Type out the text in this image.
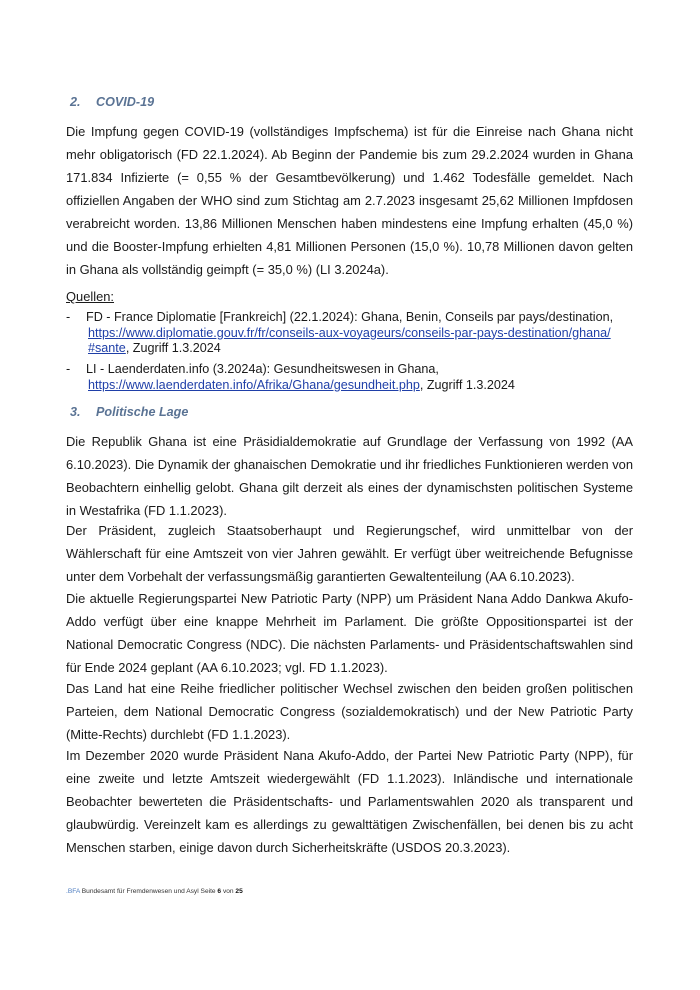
2. COVID-19

Die Impfung gegen COVID-19 (vollständiges Impfschema) ist für die Einreise nach Ghana nicht mehr obligatorisch (FD 22.1.2024). Ab Beginn der Pandemie bis zum 29.2.2024 wurden in Ghana 171.834 Infizierte (= 0,55 % der Gesamtbevölkerung) und 1.462 Todesfälle gemeldet. Nach offiziellen Angaben der WHO sind zum Stichtag am 2.7.2023 insgesamt 25,62 Millionen Impfdosen verabreicht worden. 13,86 Millionen Menschen haben mindestens eine Impfung erhalten (45,0 %) und die Booster-Impfung erhielten 4,81 Millionen Personen (15,0 %). 10,78 Millionen davon gelten in Ghana als vollständig geimpft (= 35,0 %) (LI 3.2024a).

Quellen:

- FD - France Diplomatie [Frankreich] (22.1.2024): Ghana, Benin, Conseils par pays/destination,
https://www.diplomatie.gouv.fr/fr/conseils-aux-voyageurs/conseils-par-pays-destination/ghana/
#sante, Zugriff 1.3.2024
- LI - Laenderdaten.info (3.2024a): Gesundheitswesen in Ghana,
https://www.laenderdaten.info/Afrika/Ghana/gesundheit.php, Zugriff 1.3.2024
3. Politische Lage

Die Republik Ghana ist eine Präsidialdemokratie auf Grundlage der Verfassung von 1992 (AA 6.10.2023). Die Dynamik der ghanaischen Demokratie und ihr friedliches Funktionieren werden von Beobachtern einhellig gelobt. Ghana gilt derzeit als eines der dynamischsten politischen Systeme in Westafrika (FD 1.1.2023).

Der Präsident, zugleich Staatsoberhaupt und Regierungschef, wird unmittelbar von der Wählerschaft für eine Amtszeit von vier Jahren gewählt. Er verfügt über weitreichende Befugnisse unter dem Vorbehalt der verfassungsmäßig garantierten Gewaltenteilung (AA 6.10.2023).

Die aktuelle Regierungspartei New Patriotic Party (NPP) um Präsident Nana Addo Dankwa Akufo-Addo verfügt über eine knappe Mehrheit im Parlament. Die größte Oppositionspartei ist der National Democratic Congress (NDC). Die nächsten Parlaments- und Präsidentschaftswahlen sind für Ende 2024 geplant (AA 6.10.2023; vgl. FD 1.1.2023).

Das Land hat eine Reihe friedlicher politischer Wechsel zwischen den beiden großen politischen Parteien, dem National Democratic Congress (sozialdemokratisch) und der New Patriotic Party (Mitte-Rechts) durchlebt (FD 1.1.2023).

Im Dezember 2020 wurde Präsident Nana Akufo-Addo, der Partei New Patriotic Party (NPP), für eine zweite und letzte Amtszeit wiedergewählt (FD 1.1.2023). Inländische und internationale Beobachter bewerteten die Präsidentschafts- und Parlamentswahlen 2020 als transparent und glaubwürdig. Vereinzelt kam es allerdings zu gewalttätigen Zwischenfällen, bei denen bis zu acht Menschen starben, einige davon durch Sicherheitskräfte (USDOS 20.3.2023).

.BFA Bundesamt für Fremdenwesen und Asyl Seite 6 von 25
